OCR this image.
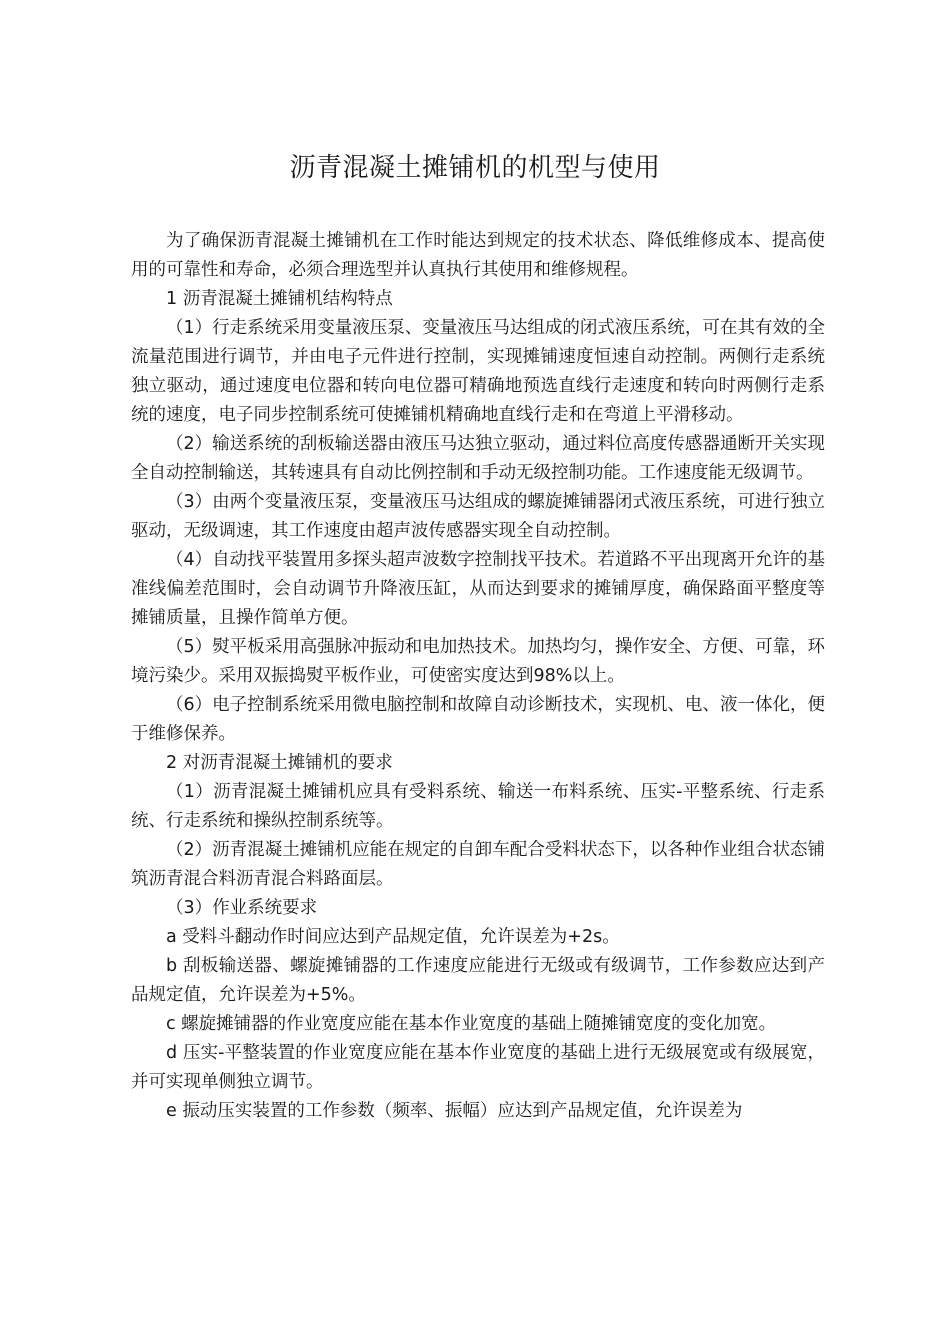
沥青混凝土摊铺机的机型与使用

为了确保沥青混凝土摊铺机在工作时能达到规定的技术状态、降低维修成本、提高使用的可靠性和寿命，必须合理选型并认真执行其使用和维修规程。

1 沥青混凝土摊铺机结构特点

（1）行走系统采用变量液压泵、变量液压马达组成的闭式液压系统，可在其有效的全流量范围进行调节，并由电子元件进行控制，实现摊铺速度恒速自动控制。两侧行走系统独立驱动，通过速度电位器和转向电位器可精确地预选直线行走速度和转向时两侧行走系统的速度，电子同步控制系统可使摊铺机精确地直线行走和在弯道上平滑移动。

（2）输送系统的刮板输送器由液压马达独立驱动，通过料位高度传感器通断开关实现全自动控制输送，其转速具有自动比例控制和手动无级控制功能。工作速度能无级调节。

（3）由两个变量液压泵，变量液压马达组成的螺旋摊铺器闭式液压系统，可进行独立驱动，无级调速，其工作速度由超声波传感器实现全自动控制。

（4）自动找平装置用多探头超声波数字控制找平技术。若道路不平出现离开允许的基准线偏差范围时，会自动调节升降液压缸，从而达到要求的摊铺厚度，确保路面平整度等摊铺质量，且操作简单方便。

（5）熨平板采用高强脉冲振动和电加热技术。加热均匀，操作安全、方便、可靠，环境污染少。采用双振捣熨平板作业，可使密实度达到98%以上。

（6）电子控制系统采用微电脑控制和故障自动诊断技术，实现机、电、液一体化，便于维修保养。

2 对沥青混凝土摊铺机的要求

（1）沥青混凝土摊铺机应具有受料系统、输送一布料系统、压实-平整系统、行走系统、行走系统和操纵控制系统等。

（2）沥青混凝土摊铺机应能在规定的自卸车配合受料状态下，以各种作业组合状态铺筑沥青混合料沥青混合料路面层。

（3）作业系统要求

a 受料斗翻动作时间应达到产品规定值，允许误差为+2s。

b 刮板输送器、螺旋摊铺器的工作速度应能进行无级或有级调节，工作参数应达到产品规定值，允许误差为+5%。

c 螺旋摊铺器的作业宽度应能在基本作业宽度的基础上随摊铺宽度的变化加宽。

d 压实-平整装置的作业宽度应能在基本作业宽度的基础上进行无级展宽或有级展宽，并可实现单侧独立调节。

e 振动压实装置的工作参数（频率、振幅）应达到产品规定值，允许误差为
